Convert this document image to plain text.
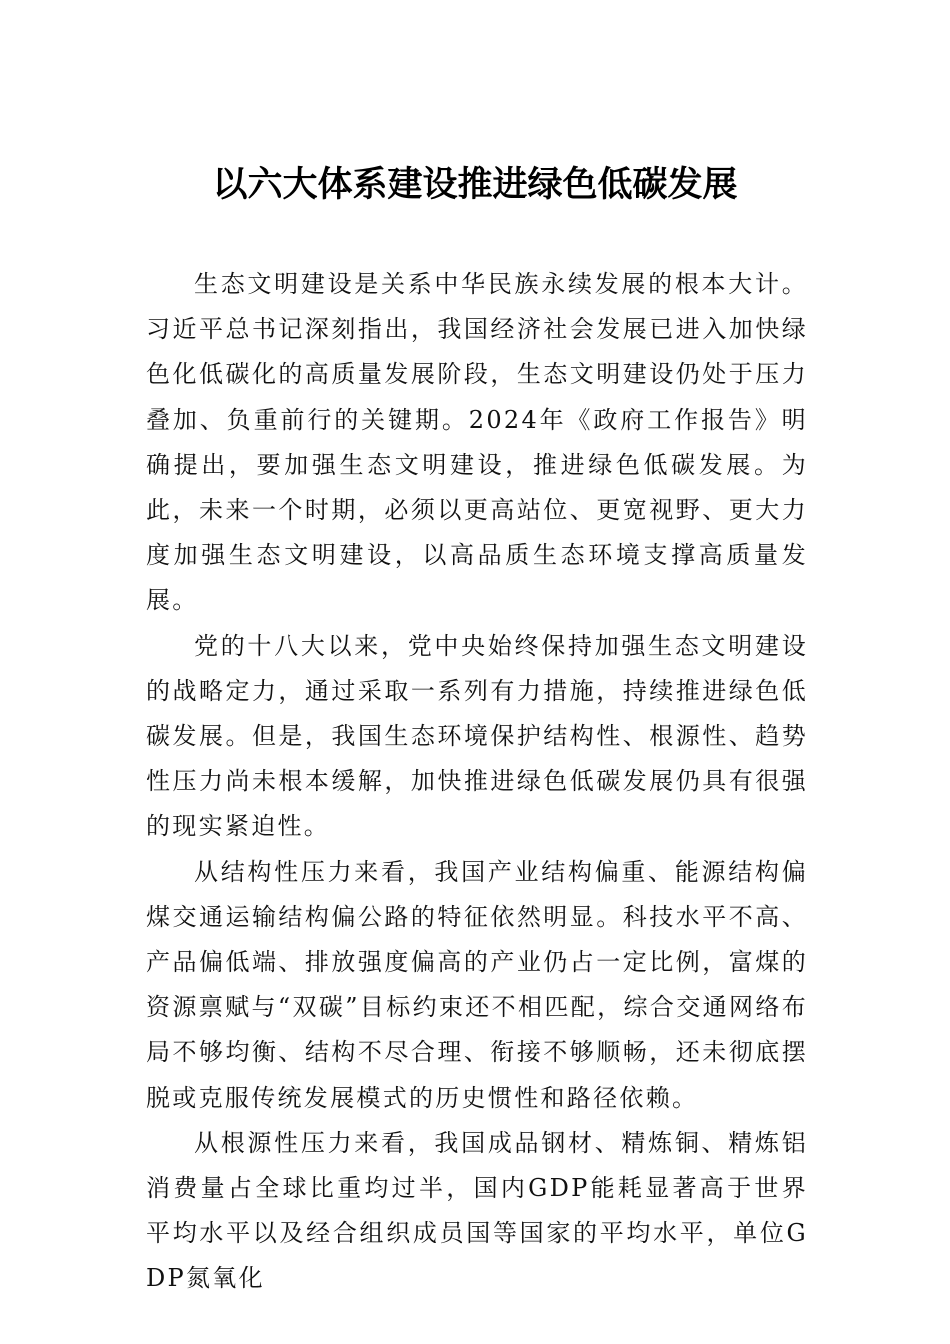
以六大体系建设推进绿色低碳发展

生态文明建设是关系中华民族永续发展的根本大计。习近平总书记深刻指出，我国经济社会发展已进入加快绿色化低碳化的高质量发展阶段，生态文明建设仍处于压力叠加、负重前行的关键期。2024年《政府工作报告》明确提出，要加强生态文明建设，推进绿色低碳发展。为此，未来一个时期，必须以更高站位、更宽视野、更大力度加强生态文明建设，以高品质生态环境支撑高质量发展。

党的十八大以来，党中央始终保持加强生态文明建设的战略定力，通过采取一系列有力措施，持续推进绿色低碳发展。但是，我国生态环境保护结构性、根源性、趋势性压力尚未根本缓解，加快推进绿色低碳发展仍具有很强的现实紧迫性。

从结构性压力来看，我国产业结构偏重、能源结构偏煤交通运输结构偏公路的特征依然明显。科技水平不高、产品偏低端、排放强度偏高的产业仍占一定比例，富煤的资源禀赋与“双碳”目标约束还不相匹配，综合交通网络布局不够均衡、结构不尽合理、衔接不够顺畅，还未彻底摆脱或克服传统发展模式的历史惯性和路径依赖。

从根源性压力来看，我国成品钢材、精炼铜、精炼铝消费量占全球比重均过半，国内GDP能耗显著高于世界平均水平以及经合组织成员国等国家的平均水平，单位GDP氮氧化
